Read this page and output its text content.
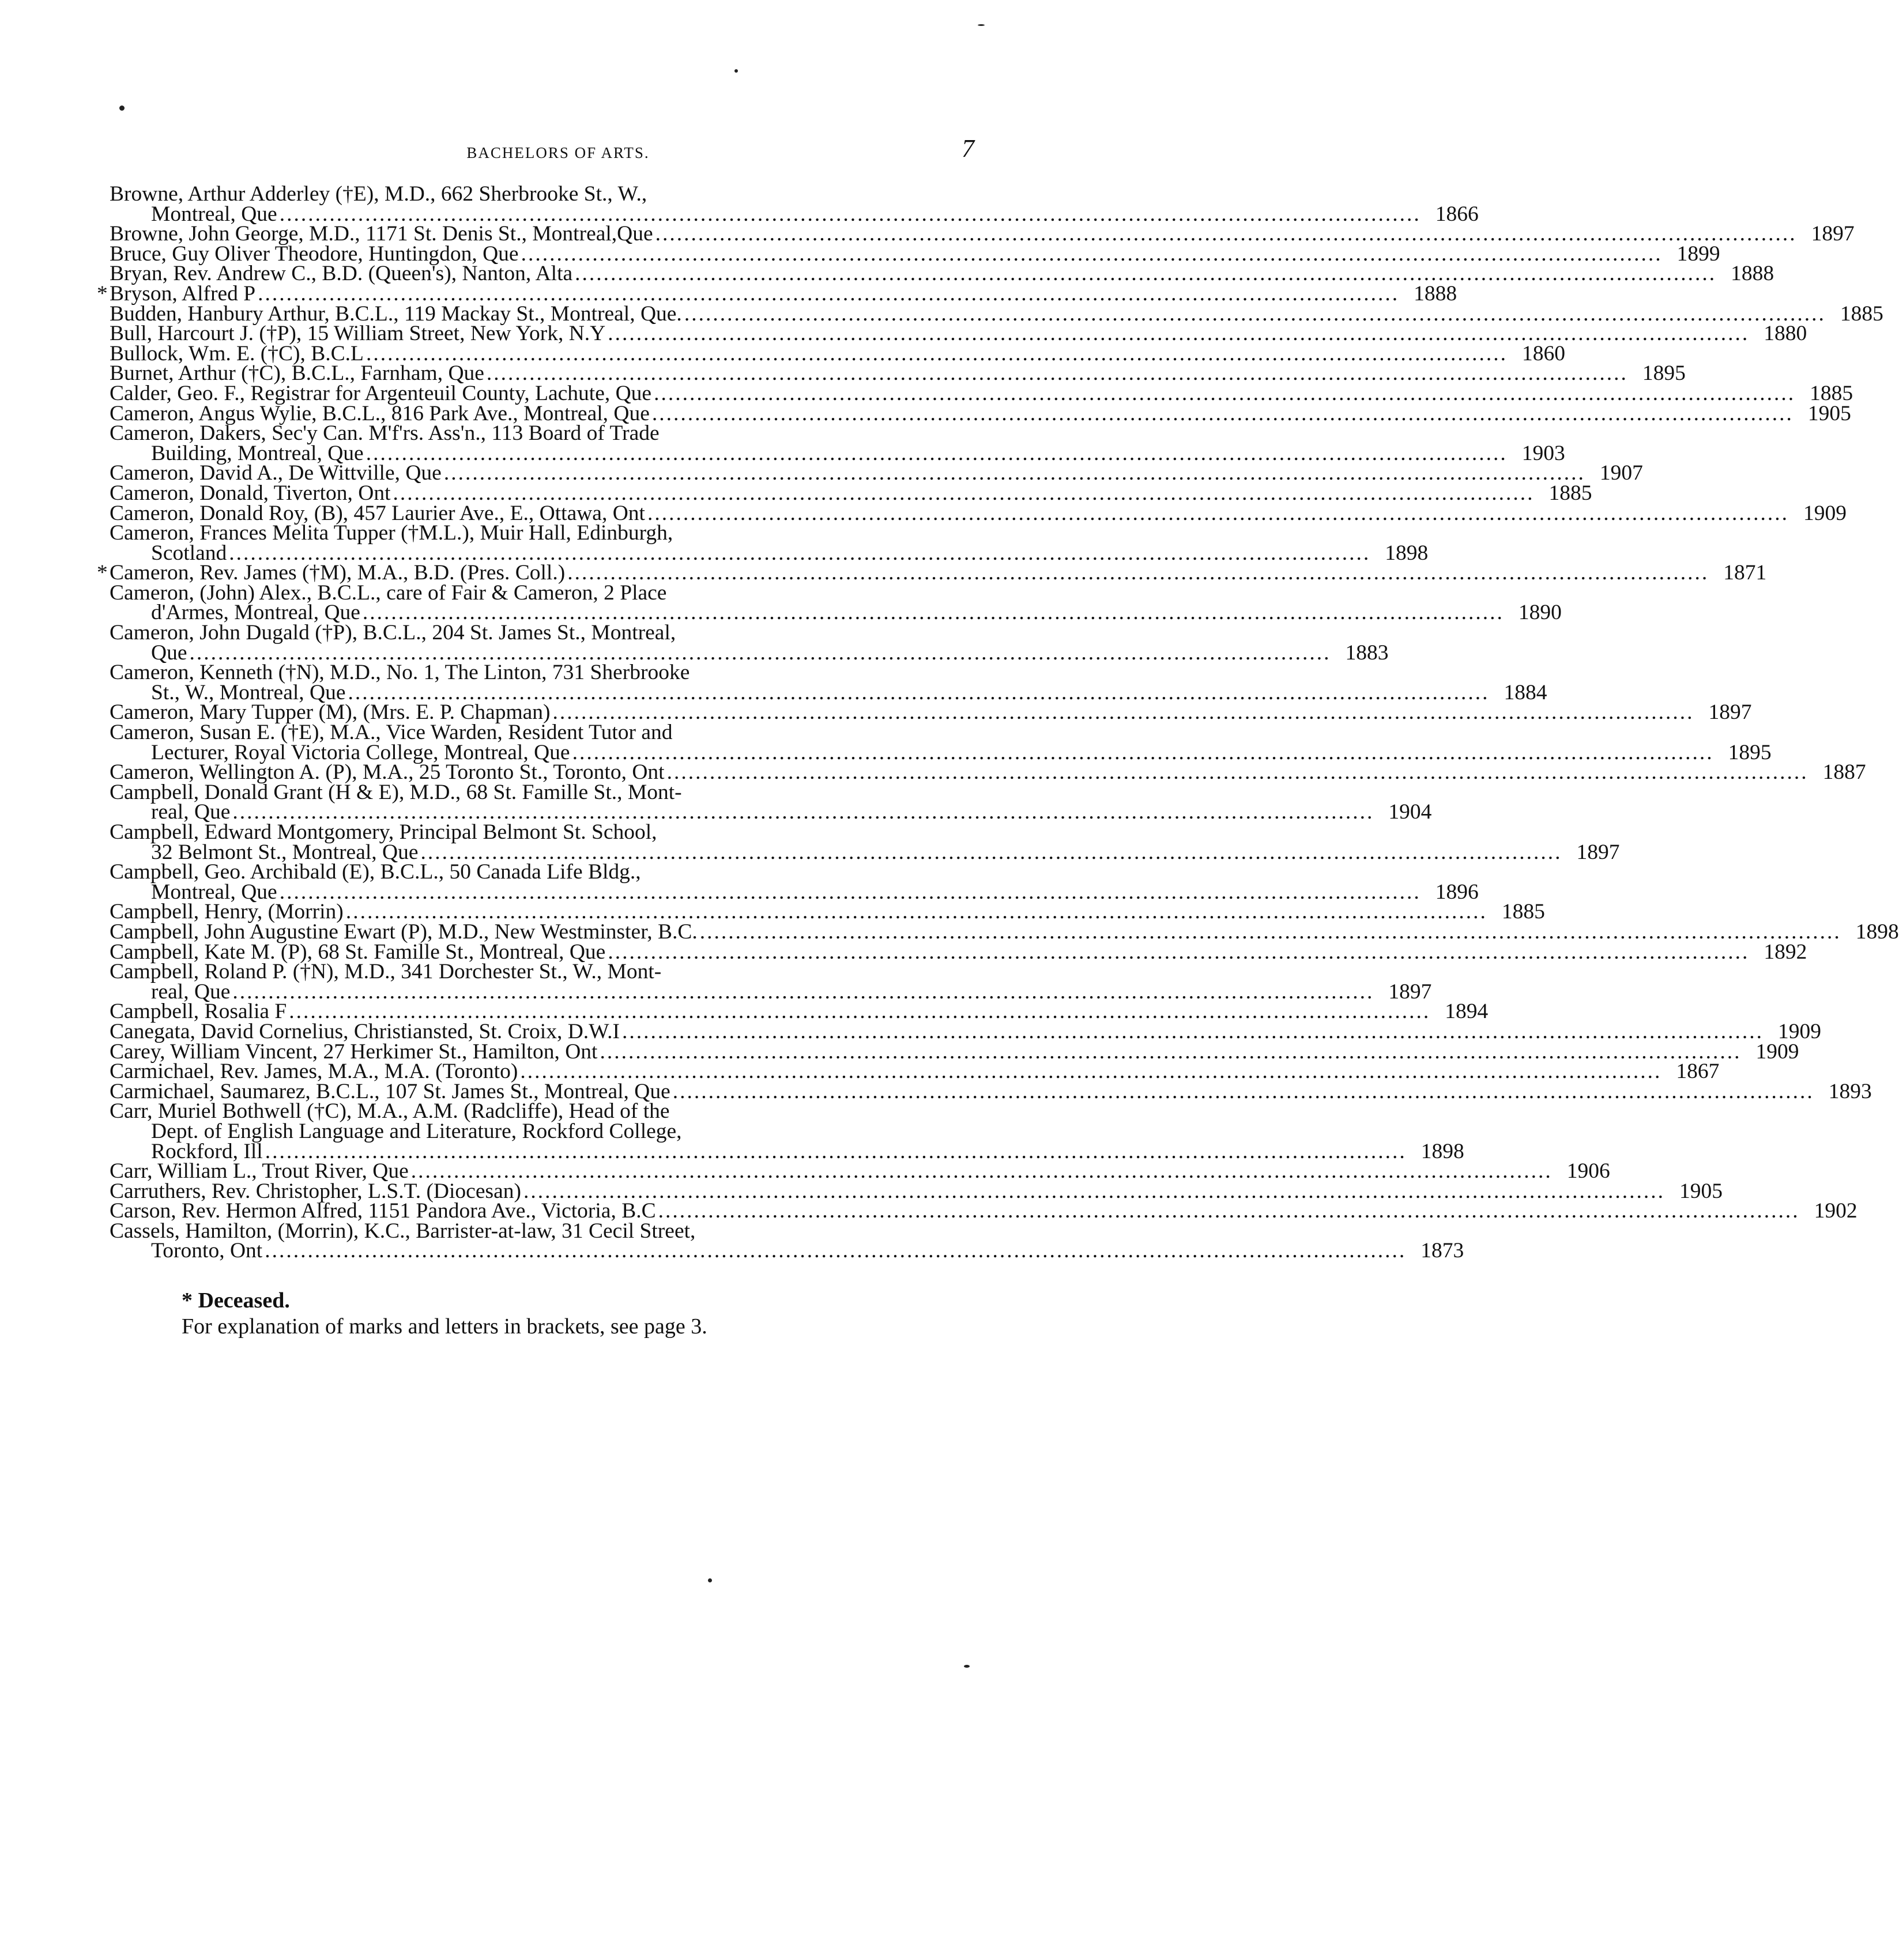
BACHELORS OF ARTS.	7
Browne, Arthur Adderley (†E), M.D., 662 Sherbrooke St., W.,
Montreal, Que ................................................................................................................................................................ 1866
Browne, John George, M.D., 1171 St. Denis St., Montreal,Que ................................................................................................................................................................ 1897
Bruce, Guy Oliver Theodore, Huntingdon, Que ................................................................................................................................................................ 1899
Bryan, Rev. Andrew C., B.D. (Queen's), Nanton, Alta ................................................................................................................................................................ 1888
* Bryson, Alfred P ................................................................................................................................................................ 1888
Budden, Hanbury Arthur, B.C.L., 119 Mackay St., Montreal, Que. ................................................................................................................................................................ 1885
Bull, Harcourt J. (†P), 15 William Street, New York, N.Y ................................................................................................................................................................ 1880
Bullock, Wm. E. (†C), B.C.L ................................................................................................................................................................ 1860
Burnet, Arthur (†C), B.C.L., Farnham, Que ................................................................................................................................................................ 1895
Calder, Geo. F., Registrar for Argenteuil County, Lachute, Que ................................................................................................................................................................ 1885
Cameron, Angus Wylie, B.C.L., 816 Park Ave., Montreal, Que ................................................................................................................................................................ 1905
Cameron, Dakers, Sec'y Can. M'f'rs. Ass'n., 113 Board of Trade
Building, Montreal, Que ................................................................................................................................................................ 1903
Cameron, David A., De Wittville, Que ................................................................................................................................................................ 1907
Cameron, Donald, Tiverton, Ont ................................................................................................................................................................ 1885
Cameron, Donald Roy, (B), 457 Laurier Ave., E., Ottawa, Ont ................................................................................................................................................................ 1909
Cameron, Frances Melita Tupper (†M.L.), Muir Hall, Edinburgh,
Scotland ................................................................................................................................................................ 1898
* Cameron, Rev. James (†M), M.A., B.D. (Pres. Coll.) ................................................................................................................................................................ 1871
Cameron, (John) Alex., B.C.L., care of Fair & Cameron, 2 Place
d'Armes, Montreal, Que ................................................................................................................................................................ 1890
Cameron, John Dugald (†P), B.C.L., 204 St. James St., Montreal,
Que ................................................................................................................................................................ 1883
Cameron, Kenneth (†N), M.D., No. 1, The Linton, 731 Sherbrooke
St., W., Montreal, Que ................................................................................................................................................................ 1884
Cameron, Mary Tupper (M), (Mrs. E. P. Chapman) ................................................................................................................................................................ 1897
Cameron, Susan E. (†E), M.A., Vice Warden, Resident Tutor and
Lecturer, Royal Victoria College, Montreal, Que ................................................................................................................................................................ 1895
Cameron, Wellington A. (P), M.A., 25 Toronto St., Toronto, Ont ................................................................................................................................................................ 1887
Campbell, Donald Grant (H & E), M.D., 68 St. Famille St., Mont-
real, Que ................................................................................................................................................................ 1904
Campbell, Edward Montgomery, Principal Belmont St. School,
32 Belmont St., Montreal, Que ................................................................................................................................................................ 1897
Campbell, Geo. Archibald (E), B.C.L., 50 Canada Life Bldg.,
Montreal, Que ................................................................................................................................................................ 1896
Campbell, Henry, (Morrin) ................................................................................................................................................................ 1885
Campbell, John Augustine Ewart (P), M.D., New Westminster, B.C. ................................................................................................................................................................ 1898
Campbell, Kate M. (P), 68 St. Famille St., Montreal, Que ................................................................................................................................................................ 1892
Campbell, Roland P. (†N), M.D., 341 Dorchester St., W., Mont-
real, Que ................................................................................................................................................................ 1897
Campbell, Rosalia F ................................................................................................................................................................ 1894
Canegata, David Cornelius, Christiansted, St. Croix, D.W.I ................................................................................................................................................................ 1909
Carey, William Vincent, 27 Herkimer St., Hamilton, Ont ................................................................................................................................................................ 1909
Carmichael, Rev. James, M.A., M.A. (Toronto) ................................................................................................................................................................ 1867
Carmichael, Saumarez, B.C.L., 107 St. James St., Montreal, Que ................................................................................................................................................................ 1893
Carr, Muriel Bothwell (†C), M.A., A.M. (Radcliffe), Head of the
Dept. of English Language and Literature, Rockford College,
Rockford, Ill ................................................................................................................................................................ 1898
Carr, William L., Trout River, Que ................................................................................................................................................................ 1906
Carruthers, Rev. Christopher, L.S.T. (Diocesan) ................................................................................................................................................................ 1905
Carson, Rev. Hermon Alfred, 1151 Pandora Ave., Victoria, B.C ................................................................................................................................................................ 1902
Cassels, Hamilton, (Morrin), K.C., Barrister-at-law, 31 Cecil Street,
Toronto, Ont ................................................................................................................................................................ 1873
* Deceased.
For explanation of marks and letters in brackets, see page 3.
